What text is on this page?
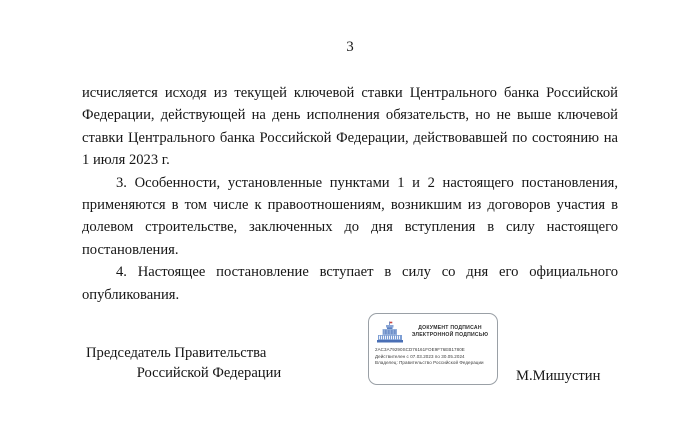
3

исчисляется исходя из текущей ключевой ставки Центрального банка Российской Федерации, действующей на день исполнения обязательств, но не выше ключевой ставки Центрального банка Российской Федерации, действовавшей по состоянию на 1 июля 2023 г.

3. Особенности, установленные пунктами 1 и 2 настоящего постановления, применяются в том числе к правоотношениям, возникшим из договоров участия в долевом строительстве, заключенных до дня вступления в силу настоящего постановления.

4. Настоящее постановление вступает в силу со дня его официального опубликования.

Председатель Правительства
Российской Федерации	М.Мишустин
ДОКУМЕНТ ПОДПИСАН
ЭЛЕКТРОННОЙ ПОДПИСЬЮ
2AC3A79290SCD76161FOE9F76EB1780E
Действителен с 07.03.2023 по 30.05.2024
Владелец: Правительство Российской Федерации
